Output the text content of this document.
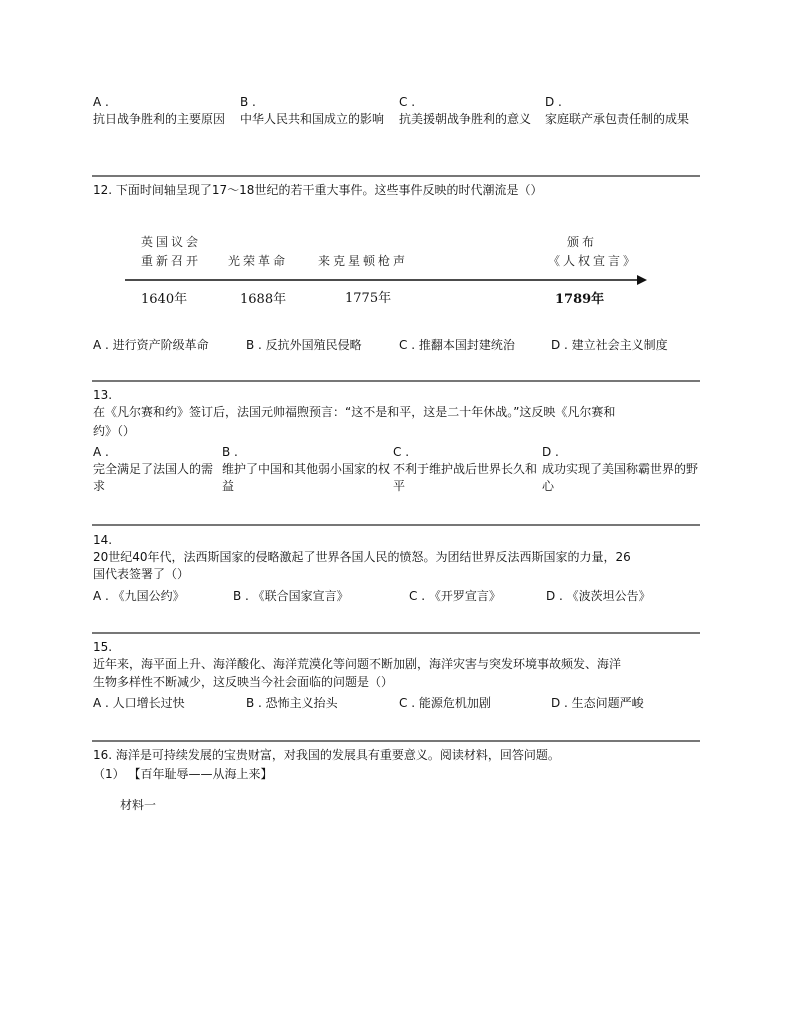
A .
抗日战争胜利的主要原因
B .
中华人民共和国成立的影响
C .
抗美援朝战争胜利的意义
D .
家庭联产承包责任制的成果
12. 下面时间轴呈现了17～18世纪的若干重大事件。这些事件反映的时代潮流是（）
英国议会
重新召开 光荣革命 来克星顿枪声
颁布
《人权宣言》
1640年	1688年	1775年	1789年
A . 进行资产阶级革命	B . 反抗外国殖民侵略	C . 推翻本国封建统治	D . 建立社会主义制度
13.
在《凡尔赛和约》签订后，法国元帅福煦预言：“这不是和平，这是二十年休战。”这反映《凡尔赛和
约》（）
A .
完全满足了法国人的需求
B .
维护了中国和其他弱小国家的权益
C .
不利于维护战后世界长久和平
D .
成功实现了美国称霸世界的野心
14.
20世纪40年代，法西斯国家的侵略激起了世界各国人民的愤怒。为团结世界反法西斯国家的力量，26
国代表签署了（）
A . 《九国公约》	B . 《联合国家宣言》	C . 《开罗宣言》	D . 《波茨坦公告》
15.
近年来，海平面上升、海洋酸化、海洋荒漠化等问题不断加剧，海洋灾害与突发环境事故频发、海洋
生物多样性不断减少，这反映当今社会面临的问题是（）
A . 人口增长过快	B . 恐怖主义抬头	C . 能源危机加剧	D . 生态问题严峻
16. 海洋是可持续发展的宝贵财富，对我国的发展具有重要意义。阅读材料，回答问题。
（1） 【百年耻辱——从海上来】
材料一
